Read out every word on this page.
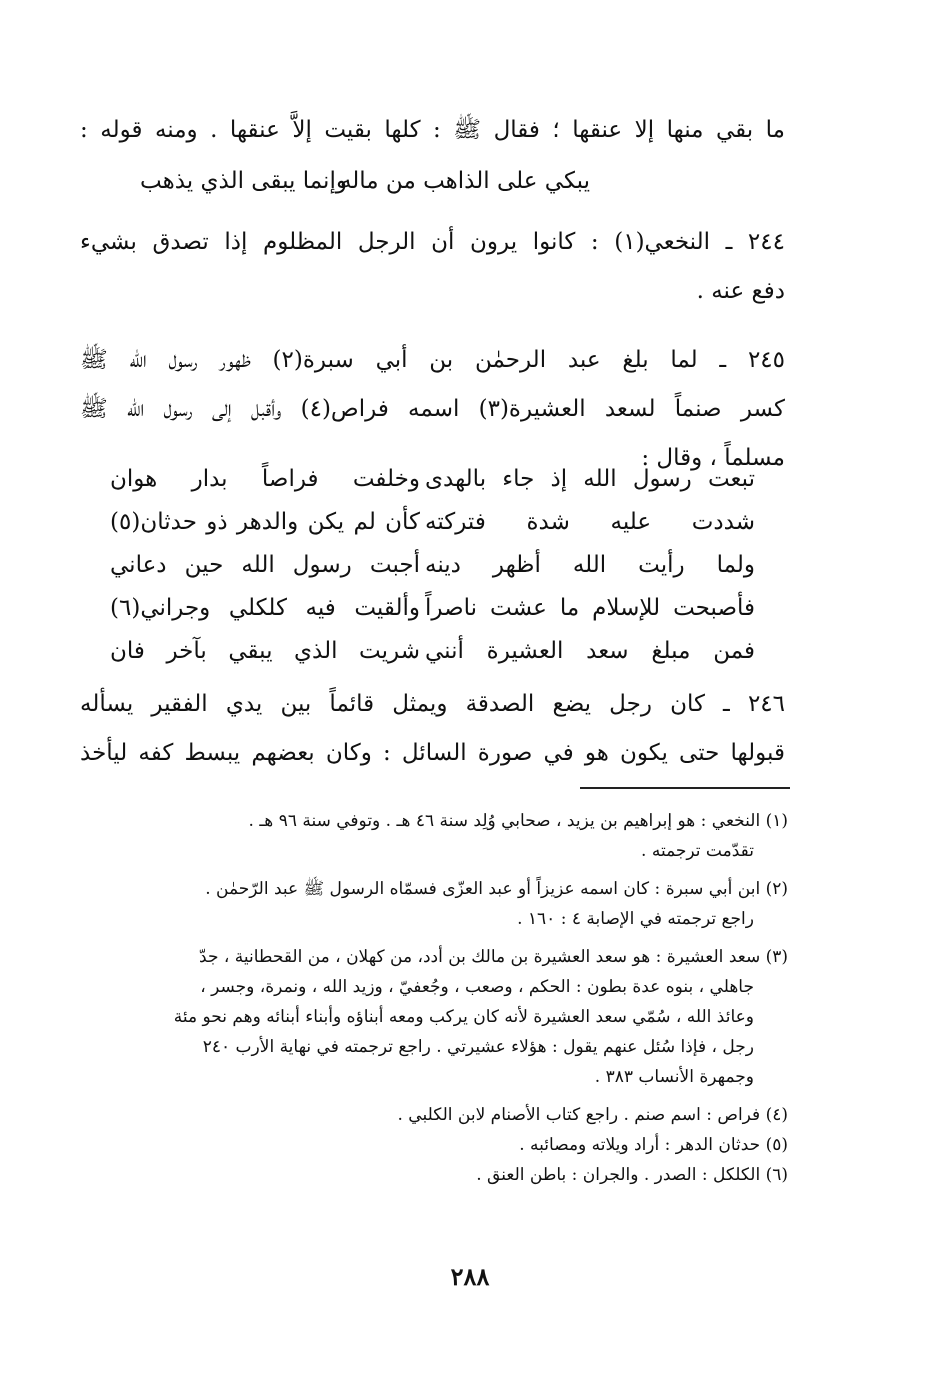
ما بقي منها إلا عنقها ؛ فقال ﷺ : كلها بقيت إلاَّ عنقها . ومنه قوله :
يبكي على الذاهب من ماله
وإنما يبقى الذي يذهب
٢٤٤ ـ النخعي(١) : كانوا يرون أن الرجل المظلوم إذا تصدق بشيء
دفع عنه .
٢٤٥ ـ لما بلغ عبد الرحمٰن بن أبي سبرة(٢) ظهور رسول الله ﷺ
كسر صنماً لسعد العشيرة(٣) اسمه فراص(٤) وأقبل إلى رسول الله ﷺ
مسلماً ، وقال :
تبعت رسول الله إذ جاء بالهدى
وخلفت فراصاً بدار هوان
شددت عليه شدة فتركته
كأن لم يكن والدهر ذو حدثان(٥)
ولما رأيت الله أظهر دينه
أجبت رسول الله حين دعاني
فأصبحت للإسلام ما عشت ناصراً
وألقيت فيه كلكلي وجراني(٦)
فمن مبلغ سعد العشيرة أنني
شريت الذي يبقي بآخر فان
٢٤٦ ـ كان رجل يضع الصدقة ويمثل قائماً بين يدي الفقير يسأله
قبولها حتى يكون هو في صورة السائل : وكان بعضهم يبسط كفه ليأخذ
(١) النخعي : هو إبراهيم بن يزيد ، صحابي وُلِد سنة ٤٦ هـ . وتوفي سنة ٩٦ هـ .
تقدّمت ترجمته .
(٢) ابن أبي سبرة : كان اسمه عزيزاً أو عبد العزّى فسمّاه الرسول ﷺ عبد الرّحمٰن .
راجع ترجمته في الإصابة ٤ : ١٦٠ .
(٣) سعد العشيرة : هو سعد العشيرة بن مالك بن أدد، من كهلان ، من القحطانية ، جدّ
جاهلي ، بنوه عدة بطون : الحكم ، وصعب ، وجُعفيّ ، وزيد الله ، ونمرة، وجسر ،
وعائذ الله ، سُمّي سعد العشيرة لأنه كان يركب ومعه أبناؤه وأبناء أبنائه وهم نحو مئة
رجل ، فإذا سُئل عنهم يقول : هؤلاء عشيرتي . راجع ترجمته في نهاية الأرب ٢٤٠
وجمهرة الأنساب ٣٨٣ .
(٤) فراص : اسم صنم . راجع كتاب الأصنام لابن الكلبي .
(٥) حدثان الدهر : أراد ويلاته ومصائبه .
(٦) الكلكل : الصدر . والجران : باطن العنق .
٢٨٨
